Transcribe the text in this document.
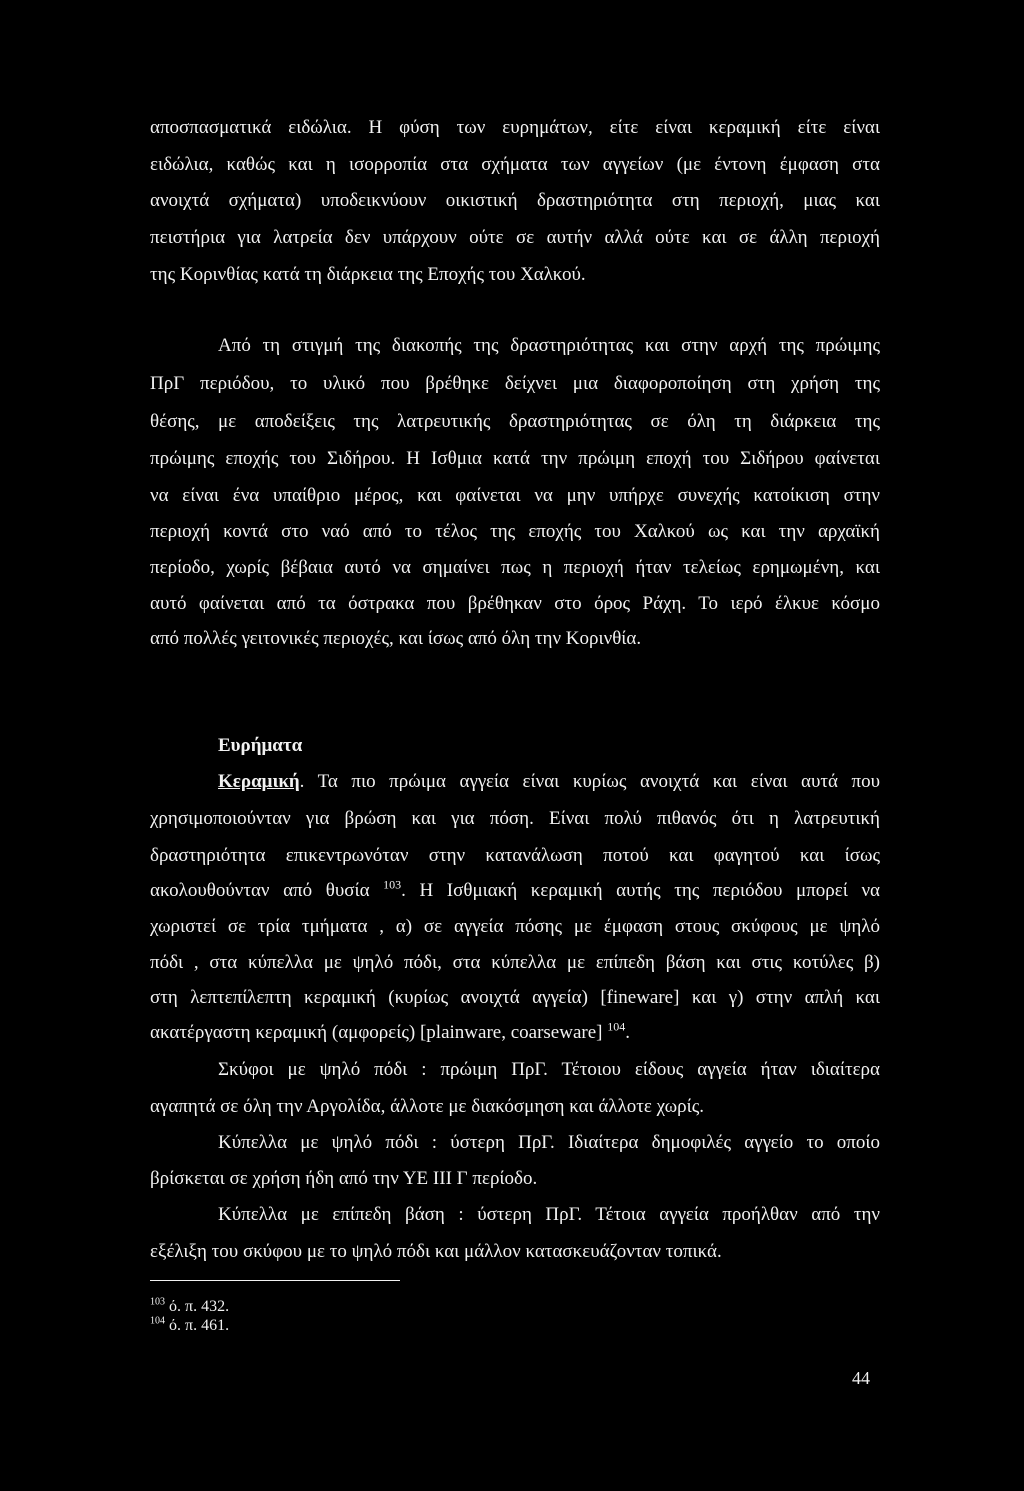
αποσπασματικά ειδώλια. Η φύση των ευρημάτων, είτε είναι κεραμική είτε είναι
ειδώλια, καθώς και η ισορροπία στα σχήματα των αγγείων (με έντονη έμφαση στα
ανοιχτά σχήματα) υποδεικνύουν οικιστική δραστηριότητα στη περιοχή, μιας και
πειστήρια για λατρεία δεν υπάρχουν ούτε σε αυτήν αλλά ούτε και σε άλλη περιοχή
της Κορινθίας κατά τη διάρκεια της Εποχής του Χαλκού.
Από τη στιγμή της διακοπής της δραστηριότητας και στην αρχή της πρώιμης
ΠρΓ περιόδου, το υλικό που βρέθηκε δείχνει μια διαφοροποίηση στη χρήση της
θέσης, με αποδείξεις της λατρευτικής δραστηριότητας σε όλη τη διάρκεια της
πρώιμης εποχής του Σιδήρου. Η Ισθμια κατά την πρώιμη εποχή του Σιδήρου φαίνεται
να είναι ένα υπαίθριο μέρος, και φαίνεται να μην υπήρχε συνεχής κατοίκιση στην
περιοχή κοντά στο ναό από το τέλος της εποχής του Χαλκού ως και την αρχαϊκή
περίοδο, χωρίς βέβαια αυτό να σημαίνει πως η περιοχή ήταν τελείως ερημωμένη, και
αυτό φαίνεται από τα όστρακα που βρέθηκαν στο όρος Ράχη. Το ιερό έλκυε κόσμο
από πολλές γειτονικές περιοχές, και ίσως από όλη την Κορινθία.
Ευρήματα
Κεραμική. Τα πιο πρώιμα αγγεία είναι κυρίως ανοιχτά και είναι αυτά που
χρησιμοποιούνταν για βρώση και για πόση. Είναι πολύ πιθανός ότι η λατρευτική
δραστηριότητα επικεντρωνόταν στην κατανάλωση ποτού και φαγητού και ίσως
ακολουθούνταν από θυσία $^{103}$. Η Ισθμιακή κεραμική αυτής της περιόδου μπορεί να
χωριστεί σε τρία τμήματα , α) σε αγγεία πόσης με έμφαση στους σκύφους με ψηλό
πόδι , στα κύπελλα με ψηλό πόδι, στα κύπελλα με επίπεδη βάση και στις κοτύλες β)
στη λεπτεπίλεπτη κεραμική (κυρίως ανοιχτά αγγεία) [fineware] και γ) στην απλή και
ακατέργαστη κεραμική (αμφορείς) [plainware, coarseware] $^{104}$.
Σκύφοι με ψηλό πόδι : πρώιμη ΠρΓ. Τέτοιου είδους αγγεία ήταν ιδιαίτερα
αγαπητά σε όλη την Αργολίδα, άλλοτε με διακόσμηση και άλλοτε χωρίς.
Κύπελλα με ψηλό πόδι : ύστερη ΠρΓ. Ιδιαίτερα δημοφιλές αγγείο το οποίο
βρίσκεται σε χρήση ήδη από την ΥΕ ΙΙΙ Γ περίοδο.
Κύπελλα με επίπεδη βάση : ύστερη ΠρΓ. Τέτοια αγγεία προήλθαν από την
εξέλιξη του σκύφου με το ψηλό πόδι και μάλλον κατασκευάζονταν τοπικά.
$^{103}$ ό. π. 432.
$^{104}$ ό. π. 461.
44
